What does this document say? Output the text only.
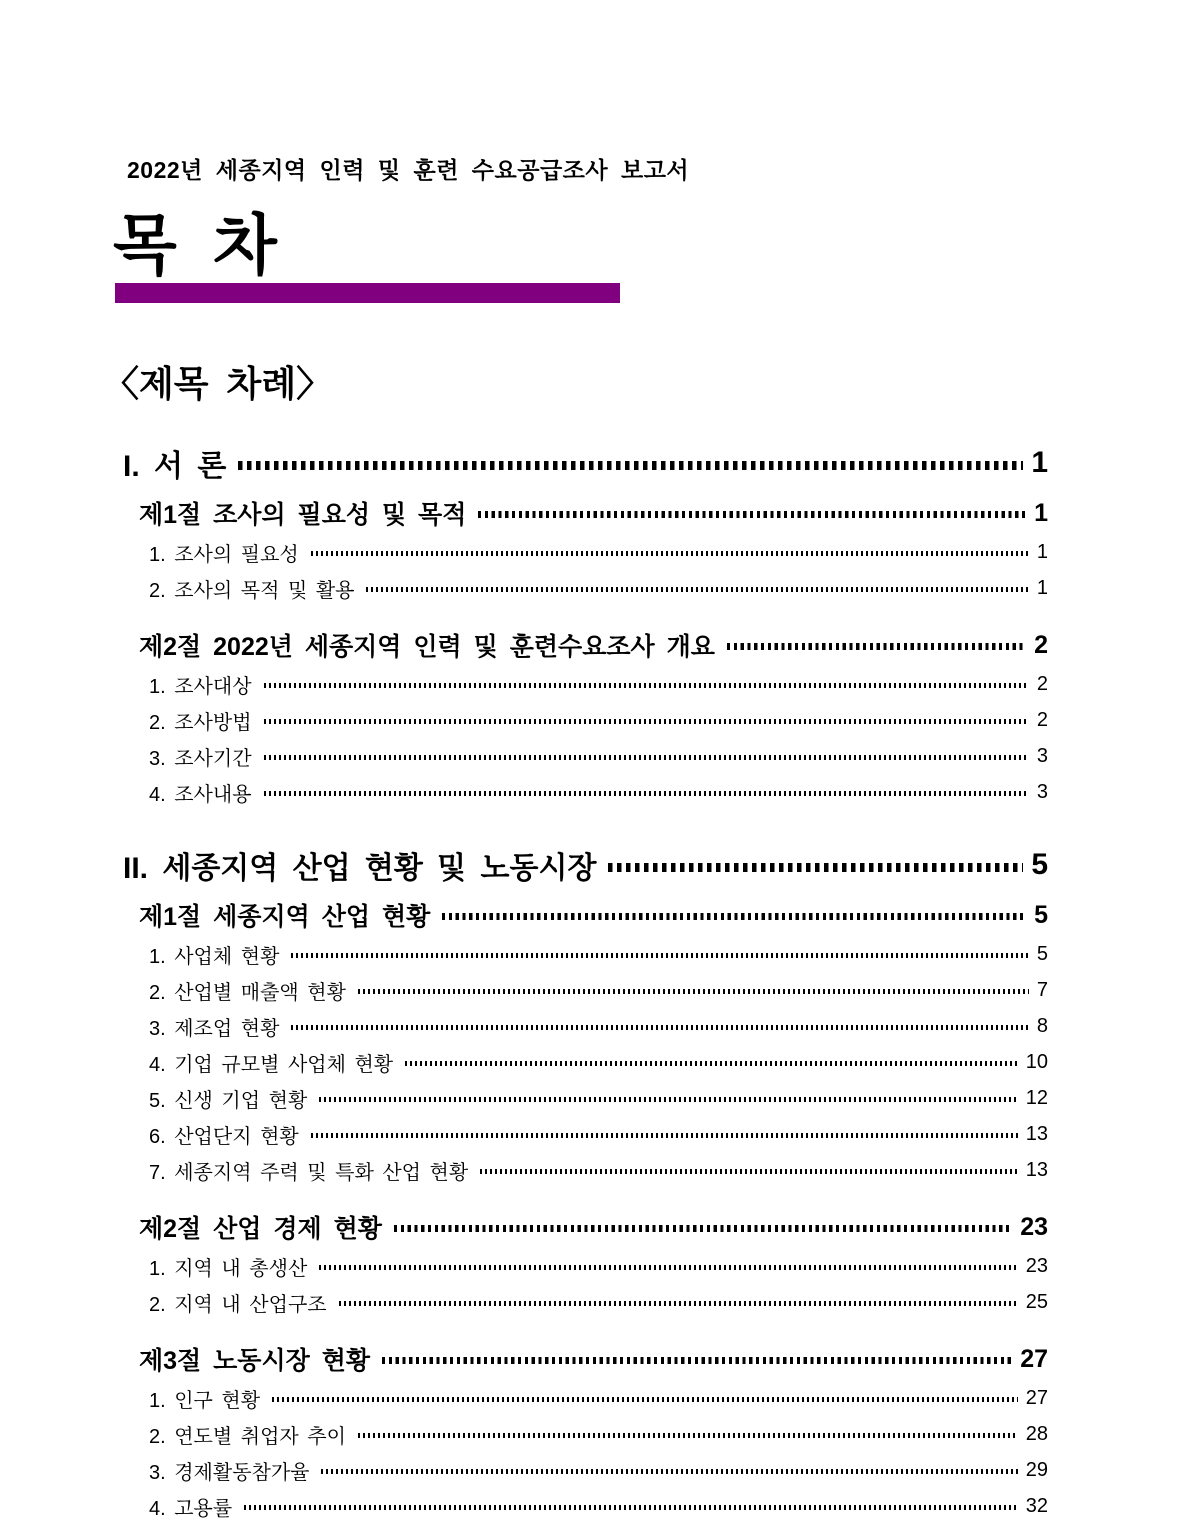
2022년 세종지역 인력 및 훈련 수요공급조사 보고서
목 차
〈제목 차례〉
I. 서 론	1
제1절 조사의 필요성 및 목적	1
1. 조사의 필요성	1
2. 조사의 목적 및 활용	1
제2절 2022년 세종지역 인력 및 훈련수요조사 개요	2
1. 조사대상	2
2. 조사방법	2
3. 조사기간	3
4. 조사내용	3
II. 세종지역 산업 현황 및 노동시장	5
제1절 세종지역 산업 현황	5
1. 사업체 현황	5
2. 산업별 매출액 현황	7
3. 제조업 현황	8
4. 기업 규모별 사업체 현황	10
5. 신생 기업 현황	12
6. 산업단지 현황	13
7. 세종지역 주력 및 특화 산업 현황	13
제2절 산업 경제 현황	23
1. 지역 내 총생산	23
2. 지역 내 산업구조	25
제3절 노동시장 현황	27
1. 인구 현황	27
2. 연도별 취업자 추이	28
3. 경제활동참가율	29
4. 고용률	32
